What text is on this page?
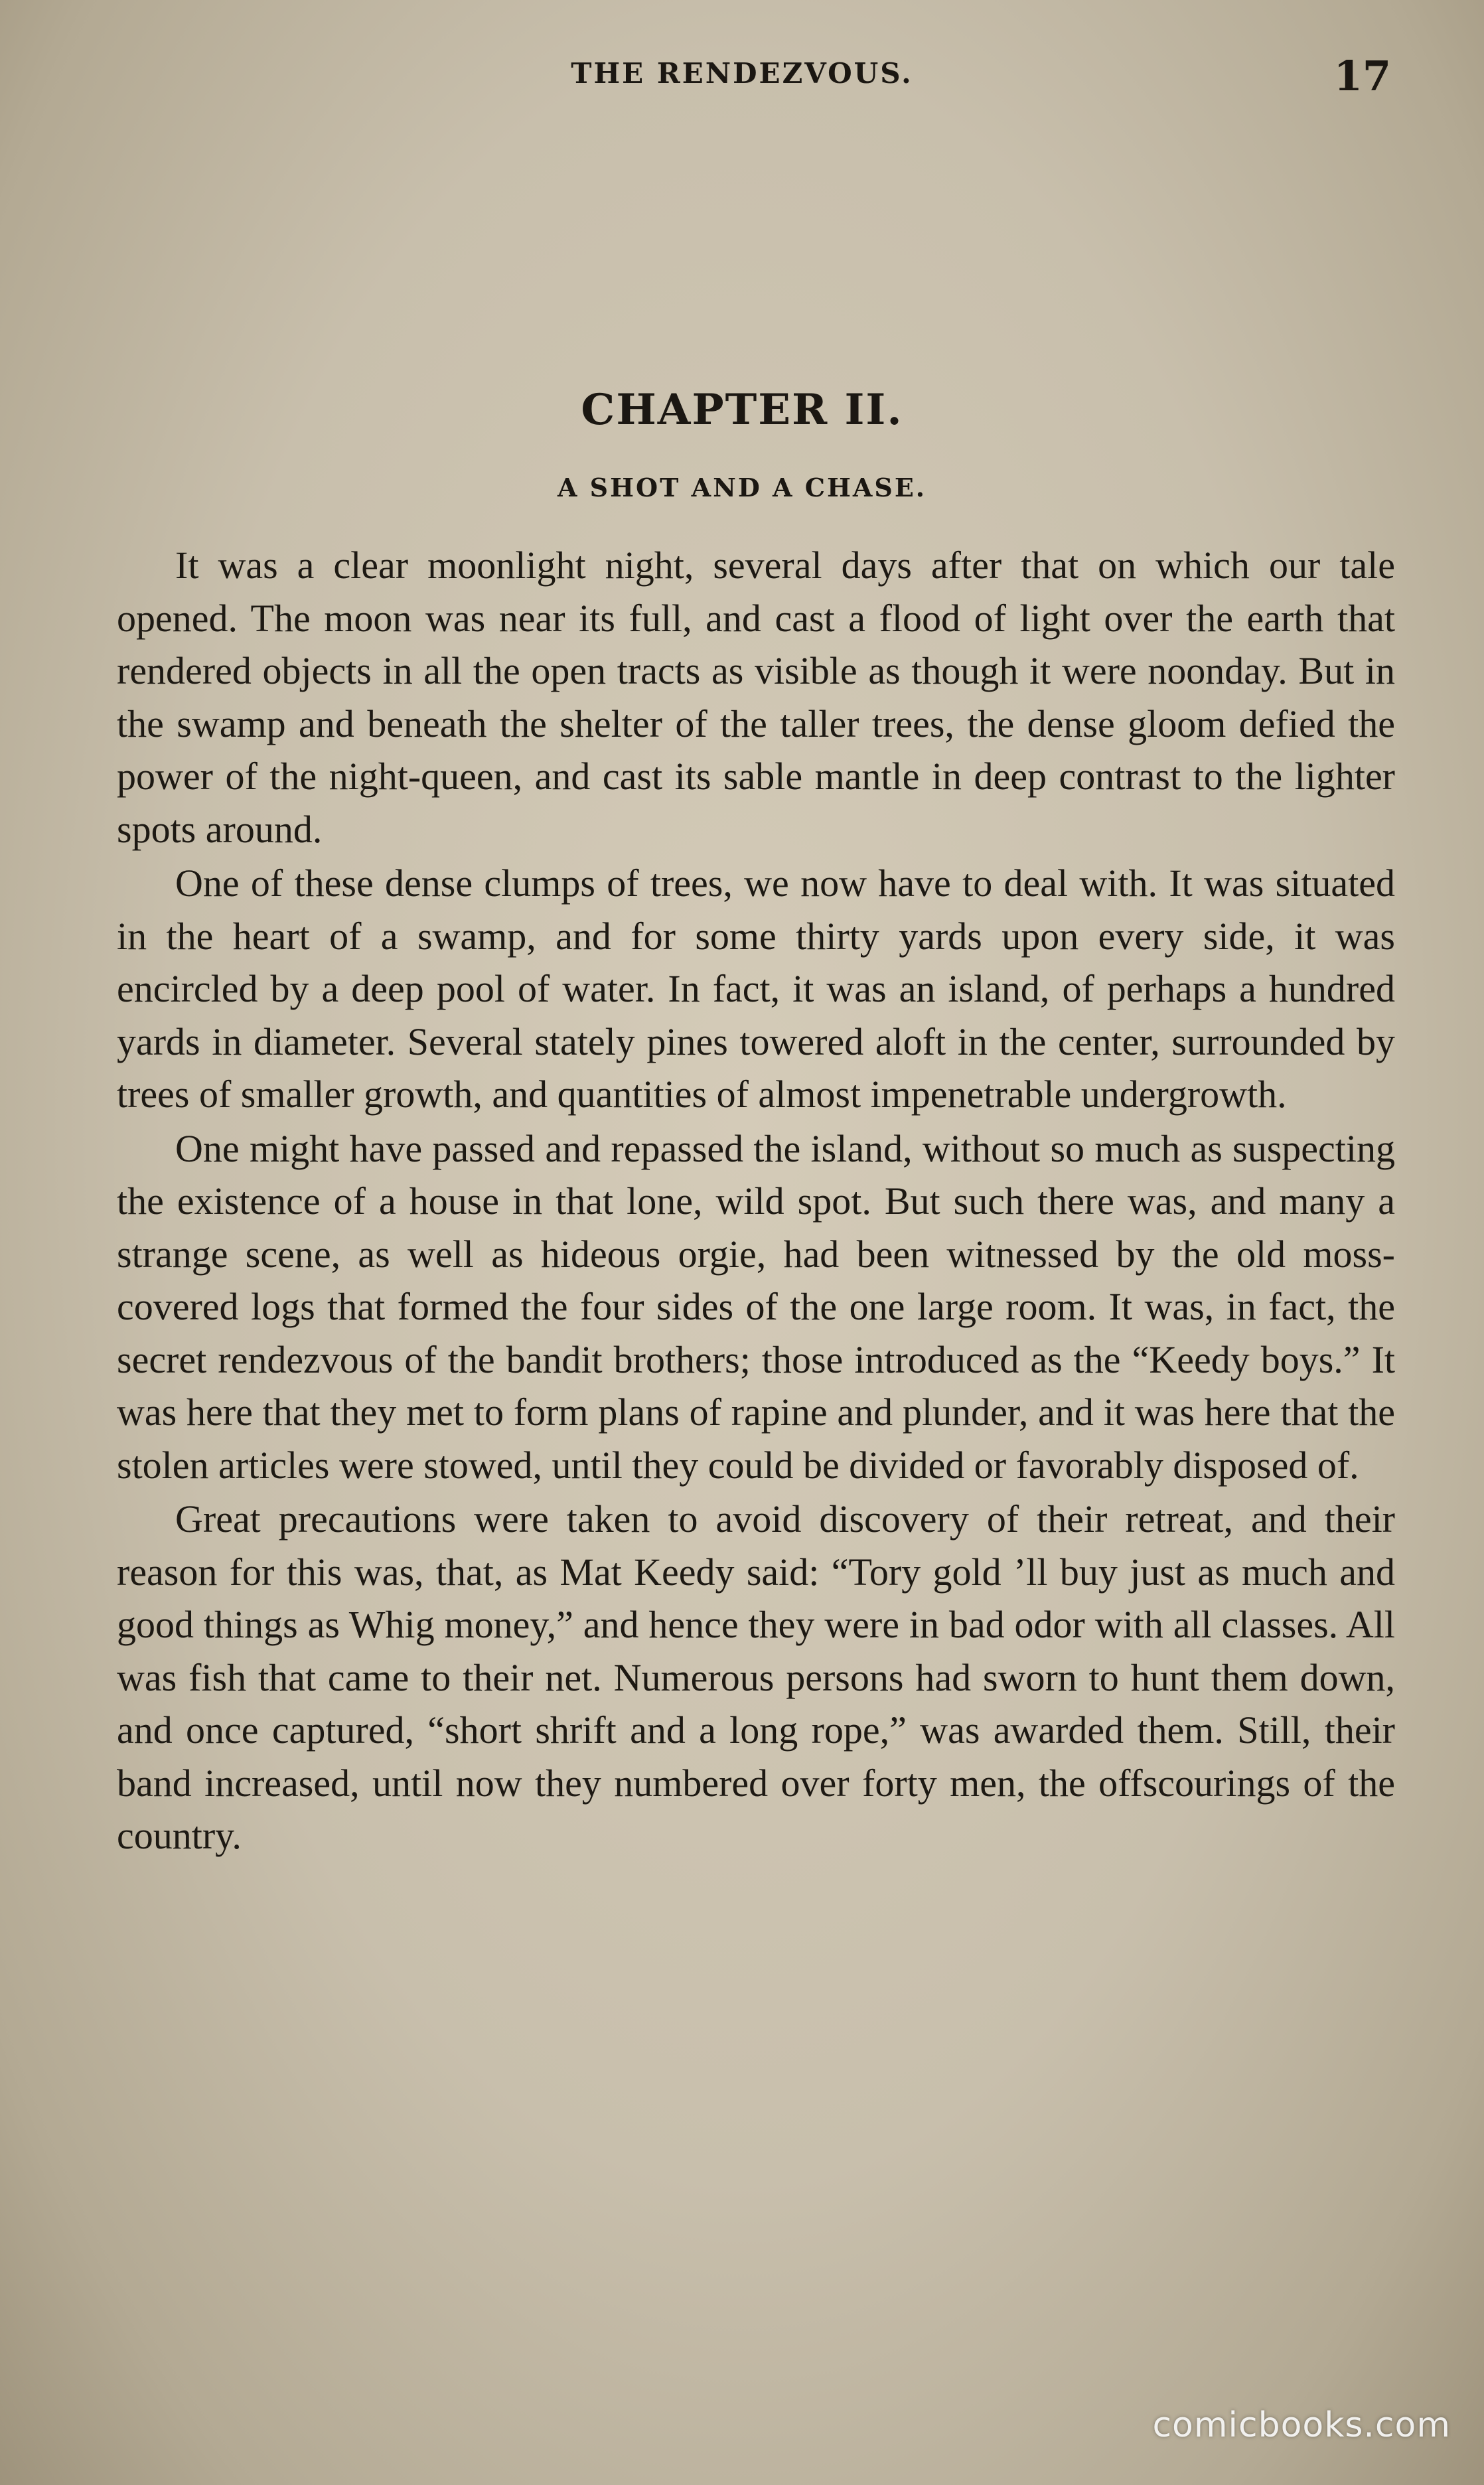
THE RENDEZVOUS.	17
CHAPTER II.
A SHOT AND A CHASE.

It was a clear moonlight night, several days after that on which our tale opened. The moon was near its full, and cast a flood of light over the earth that rendered objects in all the open tracts as visible as though it were noonday. But in the swamp and beneath the shelter of the taller trees, the dense gloom defied the power of the night-queen, and cast its sable mantle in deep contrast to the lighter spots around.

One of these dense clumps of trees, we now have to deal with. It was situated in the heart of a swamp, and for some thirty yards upon every side, it was encircled by a deep pool of water. In fact, it was an island, of perhaps a hundred yards in diameter. Several stately pines towered aloft in the center, surrounded by trees of smaller growth, and quantities of almost impenetrable undergrowth.

One might have passed and repassed the island, without so much as suspecting the existence of a house in that lone, wild spot. But such there was, and many a strange scene, as well as hideous orgie, had been witnessed by the old moss-covered logs that formed the four sides of the one large room. It was, in fact, the secret rendezvous of the bandit brothers; those introduced as the “Keedy boys.” It was here that they met to form plans of rapine and plunder, and it was here that the stolen articles were stowed, until they could be divided or favorably disposed of.

Great precautions were taken to avoid discovery of their retreat, and their reason for this was, that, as Mat Keedy said: “Tory gold ’ll buy just as much and good things as Whig money,” and hence they were in bad odor with all classes. All was fish that came to their net. Numerous persons had sworn to hunt them down, and once captured, “short shrift and a long rope,” was awarded them. Still, their band increased, until now they numbered over forty men, the offscourings of the country.

comicbooks.com
